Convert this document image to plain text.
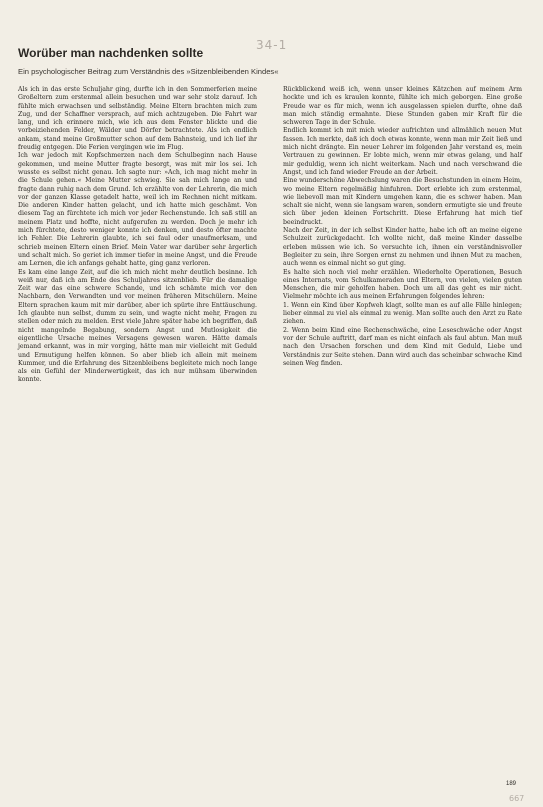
34-1
Worüber man nachdenken sollte

Ein psychologischer Beitrag zum Verständnis des »Sitzenbleibenden Kindes«

Als ich in das erste Schuljahr ging, durfte ich in den Sommerferien meine Großeltern zum erstenmal allein besuchen und war sehr stolz darauf. Ich fühlte mich erwachsen und selbständig. Meine Eltern brachten mich zum Zug, und der Schaffner versprach, auf mich achtzugeben. Die Fahrt war lang, und ich erinnere mich, wie ich aus dem Fenster blickte und die vorbeiziehenden Felder, Wälder und Dörfer betrachtete. Als ich endlich ankam, stand meine Großmutter schon auf dem Bahnsteig, und ich lief ihr freudig entgegen. Die Ferien vergingen wie im Flug.

Ich war jedoch mit Kopfschmerzen nach dem Schulbeginn nach Hause gekommen, und meine Mutter fragte besorgt, was mit mir los sei. Ich wusste es selbst nicht genau. Ich sagte nur: »Ach, ich mag nicht mehr in die Schule gehen.« Meine Mutter schwieg. Sie sah mich lange an und fragte dann ruhig nach dem Grund. Ich erzählte von der Lehrerin, die mich vor der ganzen Klasse getadelt hatte, weil ich im Rechnen nicht mitkam. Die anderen Kinder hatten gelacht, und ich hatte mich geschämt. Von diesem Tag an fürchtete ich mich vor jeder Rechenstunde. Ich saß still an meinem Platz und hoffte, nicht aufgerufen zu werden. Doch je mehr ich mich fürchtete, desto weniger konnte ich denken, und desto öfter machte ich Fehler. Die Lehrerin glaubte, ich sei faul oder unaufmerksam, und schrieb meinen Eltern einen Brief. Mein Vater war darüber sehr ärgerlich und schalt mich. So geriet ich immer tiefer in meine Angst, und die Freude am Lernen, die ich anfangs gehabt hatte, ging ganz verloren.

Es kam eine lange Zeit, auf die ich mich nicht mehr deutlich besinne. Ich weiß nur, daß ich am Ende des Schuljahres sitzenblieb. Für die damalige Zeit war das eine schwere Schande, und ich schämte mich vor den Nachbarn, den Verwandten und vor meinen früheren Mitschülern. Meine Eltern sprachen kaum mit mir darüber, aber ich spürte ihre Enttäuschung. Ich glaubte nun selbst, dumm zu sein, und wagte nicht mehr, Fragen zu stellen oder mich zu melden. Erst viele Jahre später habe ich begriffen, daß nicht mangelnde Begabung, sondern Angst und Mutlosigkeit die eigentliche Ursache meines Versagens gewesen waren. Hätte damals jemand erkannt, was in mir vorging, hätte man mir vielleicht mit Geduld und Ermutigung helfen können. So aber blieb ich allein mit meinem Kummer, und die Erfahrung des Sitzenbleibens begleitete mich noch lange als ein Gefühl der Minderwertigkeit, das ich nur mühsam überwinden konnte.

Rückblickend weiß ich, wenn unser kleines Kätzchen auf meinem Arm hockte und ich es kraulen konnte, fühlte ich mich geborgen. Eine große Freude war es für mich, wenn ich ausgelassen spielen durfte, ohne daß man mich ständig ermahnte. Diese Stunden gaben mir Kraft für die schweren Tage in der Schule.

Endlich kommt ich mit mich wieder aufrichten und allmählich neuen Mut fassen. Ich merkte, daß ich doch etwas konnte, wenn man mir Zeit ließ und mich nicht drängte. Ein neuer Lehrer im folgenden Jahr verstand es, mein Vertrauen zu gewinnen. Er lobte mich, wenn mir etwas gelang, und half mir geduldig, wenn ich nicht weiterkam. Nach und nach verschwand die Angst, und ich fand wieder Freude an der Arbeit.

Eine wunderschöne Abwechslung waren die Besuchstunden in einem Heim, wo meine Eltern regelmäßig hinfuhren. Dort erlebte ich zum erstenmal, wie liebevoll man mit Kindern umgehen kann, die es schwer haben. Man schalt sie nicht, wenn sie langsam waren, sondern ermutigte sie und freute sich über jeden kleinen Fortschritt. Diese Erfahrung hat mich tief beeindruckt.

Nach der Zeit, in der ich selbst Kinder hatte, habe ich oft an meine eigene Schulzeit zurückgedacht. Ich wollte nicht, daß meine Kinder dasselbe erleben müssen wie ich. So versuchte ich, ihnen ein verständnisvoller Begleiter zu sein, ihre Sorgen ernst zu nehmen und ihnen Mut zu machen, auch wenn es einmal nicht so gut ging.

Es halte sich noch viel mehr erzählen. Wiederholte Operationen, Besuch eines Internats, vom Schulkameraden und Eltern, von vielen, vielen guten Menschen, die mir geholfen haben. Doch um all das geht es mir nicht. Vielmehr möchte ich aus meinen Erfahrungen folgendes lehren:

1. Wenn ein Kind über Kopfweh klagt, sollte man es auf alle Fälle hinlegen; lieber einmal zu viel als einmal zu wenig. Man sollte auch den Arzt zu Rate ziehen.

2. Wenn beim Kind eine Rechenschwäche, eine Leseschwäche oder Angst vor der Schule auftritt, darf man es nicht einfach als faul abtun. Man muß nach den Ursachen forschen und dem Kind mit Geduld, Liebe und Verständnis zur Seite stehen. Dann wird auch das scheinbar schwache Kind seinen Weg finden.

189
667
